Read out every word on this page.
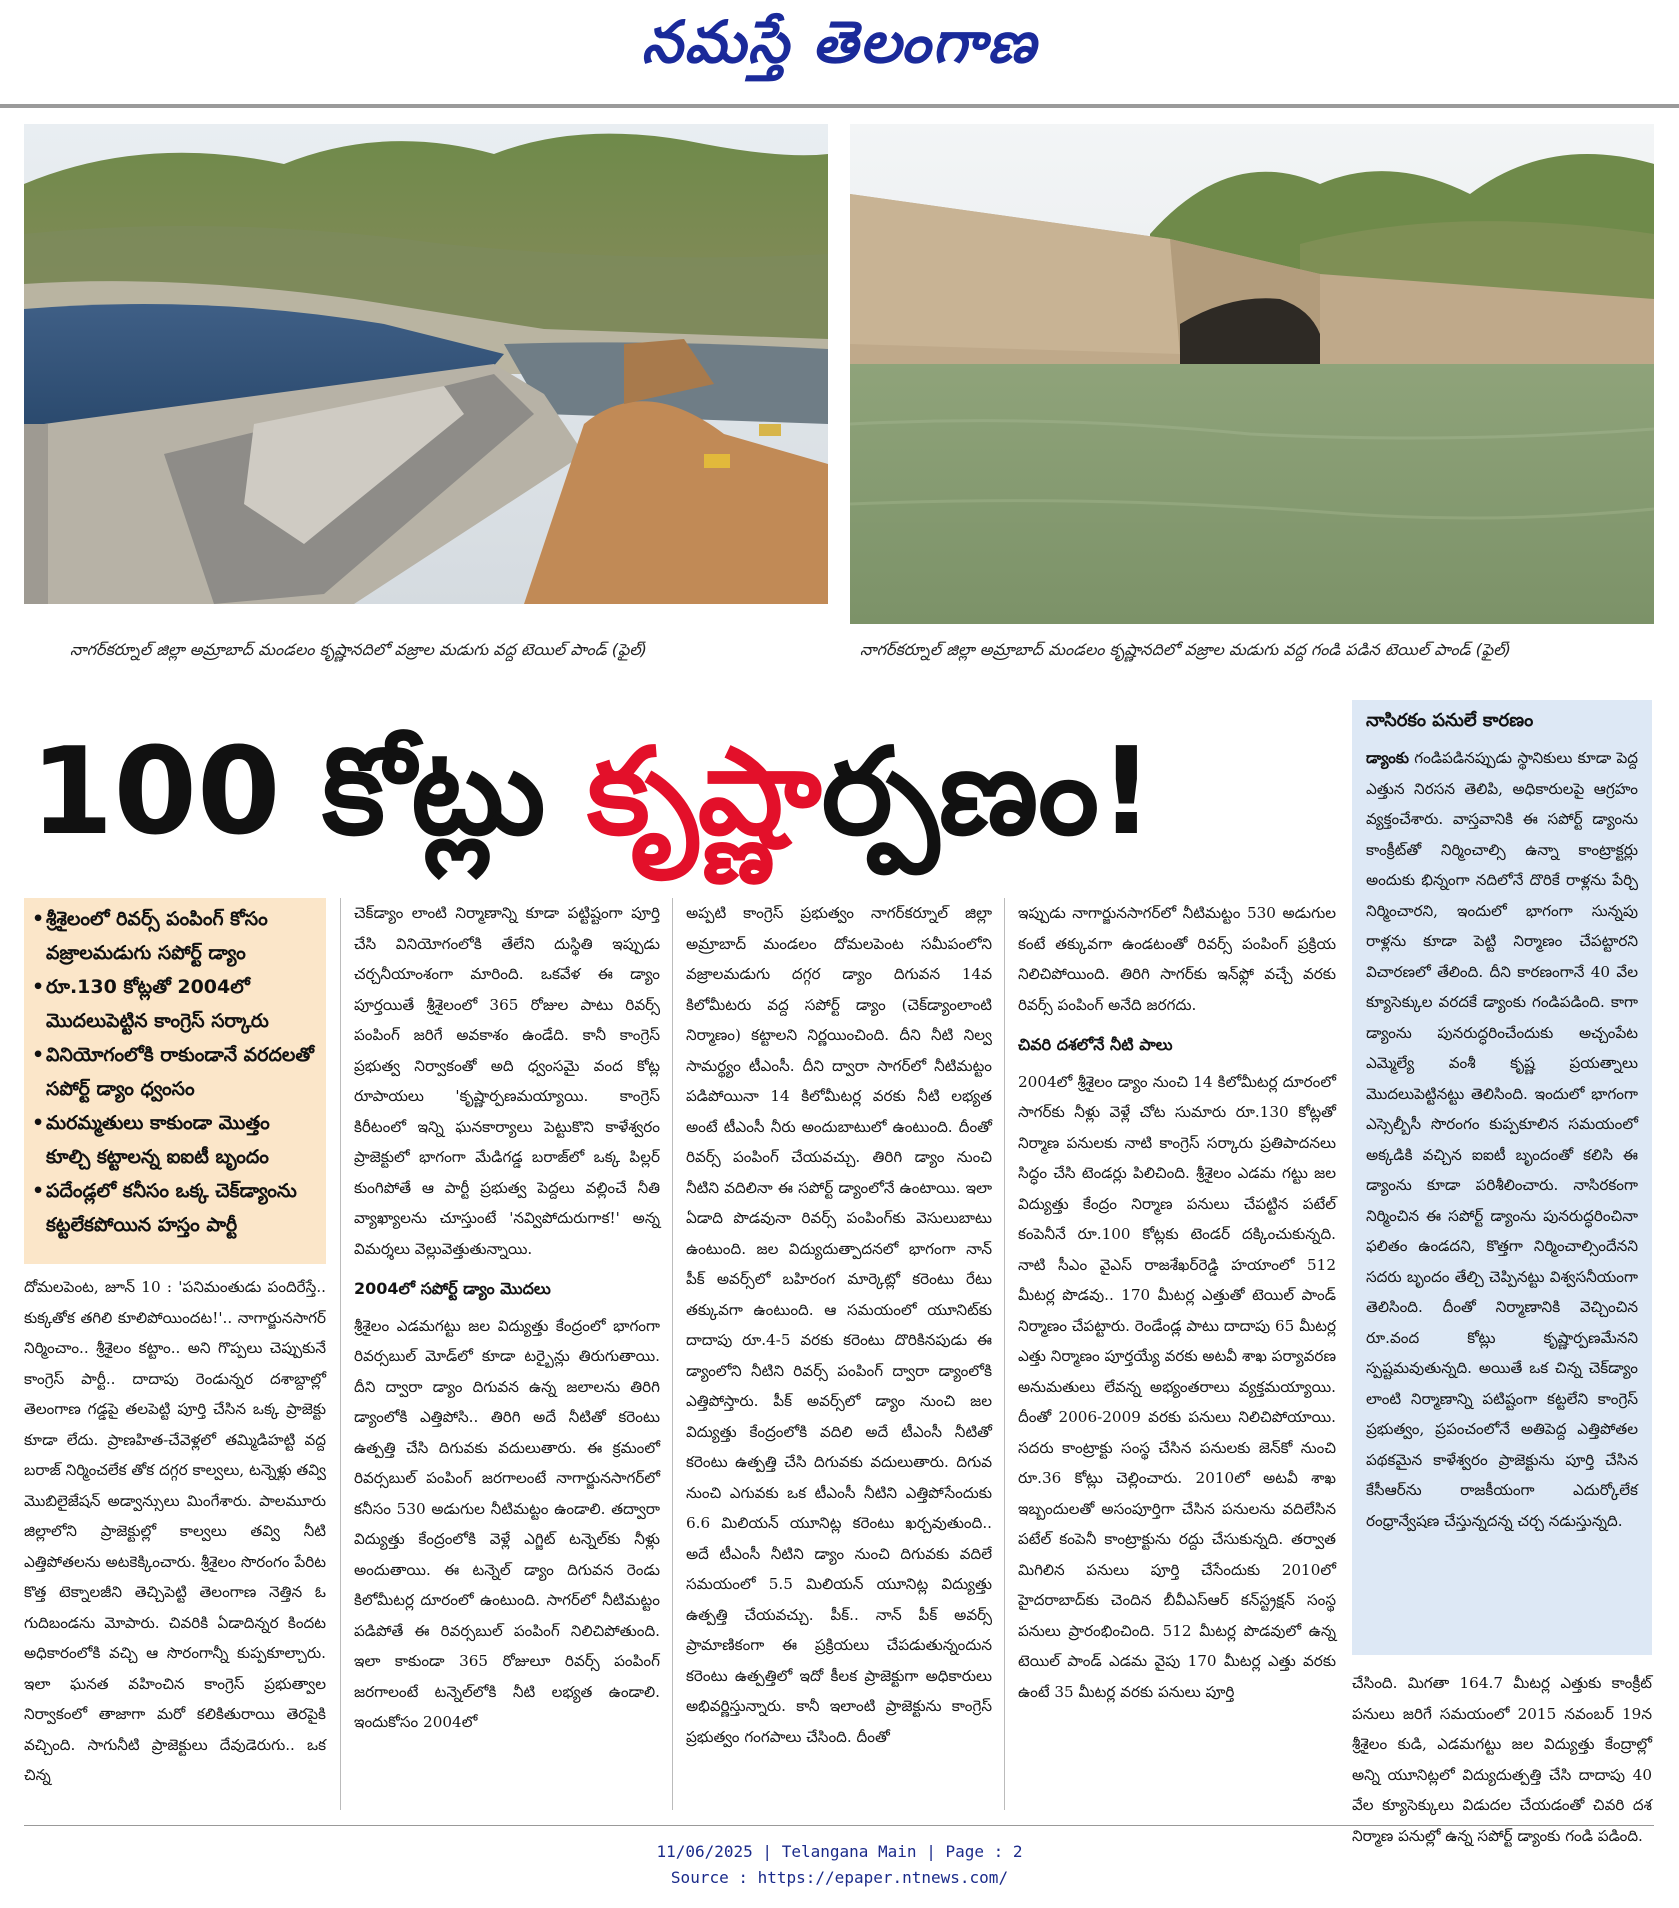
నమస్తే తెలంగాణ
నాగర్‌కర్నూల్ జిల్లా అమ్రాబాద్ మండలం కృష్ణానదిలో వజ్రాల మడుగు వద్ద టెయిల్ పాండ్ (ఫైల్)	నాగర్‌కర్నూల్ జిల్లా అమ్రాబాద్ మండలం కృష్ణానదిలో వజ్రాల మడుగు వద్ద గండి పడిన టెయిల్ పాండ్ (ఫైల్)
100 కోట్లు కృష్ణార్పణం!
• శ్రీశైలంలో రివర్స్ పంపింగ్ కోసం వజ్రాలమడుగు సపోర్ట్ డ్యాం
• రూ.130 కోట్లతో 2004లో మొదలుపెట్టిన కాంగ్రెస్ సర్కారు
• వినియోగంలోకి రాకుండానే వరదలతో సపోర్ట్ డ్యాం ధ్వంసం
• మరమ్మతులు కాకుండా మొత్తం కూల్చి కట్టాలన్న ఐఐటీ బృందం
• పదేండ్లలో కనీసం ఒక్క చెక్‌డ్యాంను కట్టలేకపోయిన హస్తం పార్టీ

దోమలపెంట, జూన్ 10 : 'పనిమంతుడు పందిరేస్తే.. కుక్కతోక తగిలి కూలిపోయిందట!'.. నాగార్జునసాగర్ నిర్మించాం.. శ్రీశైలం కట్టాం.. అని గొప్పలు చెప్పుకునే కాంగ్రెస్ పార్టీ.. దాదాపు రెండున్నర దశాబ్దాల్లో తెలంగాణ గడ్డపై తలపెట్టి పూర్తి చేసిన ఒక్క ప్రాజెక్టు కూడా లేదు. ప్రాణహిత-చేవెళ్లలో తమ్మిడిహట్టి వద్ద బరాజ్ నిర్మించలేక తోక దగ్గర కాల్వలు, టన్నెళ్లు తవ్వి మొబిలైజేషన్ అడ్వాన్సులు మింగేశారు. పాలమూరు జిల్లాలోని ప్రాజెక్టుల్లో కాల్వలు తవ్వి నీటి ఎత్తిపోతలను అటకెక్కించారు. శ్రీశైలం సొరంగం పేరిట కొత్త టెక్నాలజీని తెచ్చిపెట్టి తెలంగాణ నెత్తిన ఓ గుదిబండను మోపారు. చివరికి ఏడాదిన్నర కిందట అధికారంలోకి వచ్చి ఆ సొరంగాన్నీ కుప్పకూల్చారు. ఇలా ఘనత వహించిన కాంగ్రెస్ ప్రభుత్వాల నిర్వాకంలో తాజాగా మరో కలికితురాయి తెరపైకి వచ్చింది. సాగునీటి ప్రాజెక్టులు దేవుడెరుగు.. ఒక చిన్న

చెక్‌డ్యాం లాంటి నిర్మాణాన్ని కూడా పట్టిష్టంగా పూర్తి చేసి వినియోగంలోకి తేలేని దుస్థితి ఇప్పుడు చర్చనీయాంశంగా మారింది. ఒకవేళ ఈ డ్యాం పూర్తయితే శ్రీశైలంలో 365 రోజుల పాటు రివర్స్ పంపింగ్ జరిగే అవకాశం ఉండేది. కానీ కాంగ్రెస్ ప్రభుత్వ నిర్వాకంతో అది ధ్వంసమై వంద కోట్ల రూపాయలు 'కృష్ణార్పణమయ్యాయి. కాంగ్రెస్ కిరీటంలో ఇన్ని ఘనకార్యాలు పెట్టుకొని కాళేశ్వరం ప్రాజెక్టులో భాగంగా మేడిగడ్డ బరాజ్‌లో ఒక్క పిల్లర్ కుంగిపోతే ఆ పార్టీ ప్రభుత్వ పెద్దలు వల్లించే నీతి వ్యాఖ్యాలను చూస్తుంటే 'నవ్విపోదురుగాక!' అన్న విమర్శలు వెల్లువెత్తుతున్నాయి.

2004లో సపోర్ట్ డ్యాం మొదలు

శ్రీశైలం ఎడమగట్టు జల విద్యుత్తు కేంద్రంలో భాగంగా రివర్సబుల్ మోడ్‌లో కూడా టర్బైన్లు తిరుగుతాయి. దీని ద్వారా డ్యాం దిగువన ఉన్న జలాలను తిరిగి డ్యాంలోకి ఎత్తిపోసి.. తిరిగి అదే నీటితో కరెంటు ఉత్పత్తి చేసి దిగువకు వదులుతారు. ఈ క్రమంలో రివర్సబుల్ పంపింగ్ జరగాలంటే నాగార్జునసాగర్‌లో కనీసం 530 అడుగుల నీటిమట్టం ఉండాలి. తద్వారా విద్యుత్తు కేంద్రంలోకి వెళ్లే ఎగ్జిట్ టన్నెల్‌కు నీళ్లు అందుతాయి. ఈ టన్నెల్ డ్యాం దిగువన రెండు కిలోమీటర్ల దూరంలో ఉంటుంది. సాగర్‌లో నీటిమట్టం పడిపోతే ఈ రివర్సబుల్ పంపింగ్ నిలిచిపోతుంది. ఇలా కాకుండా 365 రోజులూ రివర్స్ పంపింగ్ జరగాలంటే టన్నెల్‌లోకి నీటి లభ్యత ఉండాలి. ఇందుకోసం 2004లో

అప్పటి కాంగ్రెస్ ప్రభుత్వం నాగర్‌కర్నూల్ జిల్లా అమ్రాబాద్ మండలం దోమలపెంట సమీపంలోని వజ్రాలమడుగు దగ్గర డ్యాం దిగువన 14వ కిలోమీటరు వద్ద సపోర్ట్ డ్యాం (చెక్‌డ్యాంలాంటి నిర్మాణం) కట్టాలని నిర్ణయించింది. దీని నీటి నిల్వ సామర్థ్యం టీఎంసీ. దీని ద్వారా సాగర్‌లో నీటిమట్టం పడిపోయినా 14 కిలోమీటర్ల వరకు నీటి లభ్యత అంటే టీఎంసీ నీరు అందుబాటులో ఉంటుంది. దీంతో రివర్స్ పంపింగ్ చేయవచ్చు. తిరిగి డ్యాం నుంచి నీటిని వదిలినా ఈ సపోర్ట్ డ్యాంలోనే ఉంటాయి. ఇలా ఏడాది పొడవునా రివర్స్ పంపింగ్‌కు వెసులుబాటు ఉంటుంది. జల విద్యుదుత్పాదనలో భాగంగా నాన్ పీక్ అవర్స్‌లో బహిరంగ మార్కెట్లో కరెంటు రేటు తక్కువగా ఉంటుంది. ఆ సమయంలో యూనిట్‌కు దాదాపు రూ.4-5 వరకు కరెంటు దొరికినపుడు ఈ డ్యాంలోని నీటిని రివర్స్ పంపింగ్ ద్వారా డ్యాంలోకి ఎత్తిపోస్తారు. పీక్ అవర్స్‌లో డ్యాం నుంచి జల విద్యుత్తు కేంద్రంలోకి వదిలి అదే టీఎంసీ నీటితో కరెంటు ఉత్పత్తి చేసి దిగువకు వదులుతారు. దిగువ నుంచి ఎగువకు ఒక టీఎంసీ నీటిని ఎత్తిపోసేందుకు 6.6 మిలియన్ యూనిట్ల కరెంటు ఖర్చవుతుంది.. అదే టీఎంసీ నీటిని డ్యాం నుంచి దిగువకు వదిలే సమయంలో 5.5 మిలియన్ యూనిట్ల విద్యుత్తు ఉత్పత్తి చేయవచ్చు. పీక్.. నాన్ పీక్ అవర్స్ ప్రామాణికంగా ఈ ప్రక్రియలు చేపడుతున్నందున కరెంటు ఉత్పత్తిలో ఇదో కీలక ప్రాజెక్టుగా అధికారులు అభివర్ణిస్తున్నారు. కానీ ఇలాంటి ప్రాజెక్టును కాంగ్రెస్ ప్రభుత్వం గంగపాలు చేసింది. దీంతో

ఇప్పుడు నాగార్జునసాగర్‌లో నీటిమట్టం 530 అడుగుల కంటే తక్కువగా ఉండటంతో రివర్స్ పంపింగ్ ప్రక్రియ నిలిచిపోయింది. తిరిగి సాగర్‌కు ఇన్‌ఫ్లో వచ్చే వరకు రివర్స్ పంపింగ్ అనేది జరగదు.

చివరి దశలోనే నీటి పాలు

2004లో శ్రీశైలం డ్యాం నుంచి 14 కిలోమీటర్ల దూరంలో సాగర్‌కు నీళ్లు వెళ్లే చోట సుమారు రూ.130 కోట్లతో నిర్మాణ పనులకు నాటి కాంగ్రెస్ సర్కారు ప్రతిపాదనలు సిద్ధం చేసి టెండర్లు పిలిచింది. శ్రీశైలం ఎడమ గట్టు జల విద్యుత్తు కేంద్రం నిర్మాణ పనులు చేపట్టిన పటేల్ కంపెనీనే రూ.100 కోట్లకు టెండర్ దక్కించుకున్నది. నాటి సీఎం వైఎస్ రాజశేఖర్‌రెడ్డి హయాంలో 512 మీటర్ల పొడవు.. 170 మీటర్ల ఎత్తుతో టెయిల్ పాండ్ నిర్మాణం చేపట్టారు. రెండేండ్ల పాటు దాదాపు 65 మీటర్ల ఎత్తు నిర్మాణం పూర్తయ్యే వరకు అటవీ శాఖ పర్యావరణ అనుమతులు లేవన్న అభ్యంతరాలు వ్యక్తమయ్యాయి. దీంతో 2006-2009 వరకు పనులు నిలిచిపోయాయి. సదరు కాంట్రాక్టు సంస్థ చేసిన పనులకు జెన్‌కో నుంచి రూ.36 కోట్లు చెల్లించారు. 2010లో అటవీ శాఖ ఇబ్బందులతో అసంపూర్తిగా చేసిన పనులను వదిలేసిన పటేల్ కంపెనీ కాంట్రాక్టును రద్దు చేసుకున్నది. తర్వాత మిగిలిన పనులు పూర్తి చేసేందుకు 2010లో హైదరాబాద్‌కు చెందిన బీవీఎస్‌ఆర్ కన్‌స్ట్రక్షన్ సంస్థ పనులు ప్రారంభించింది. 512 మీటర్ల పొడవులో ఉన్న టెయిల్ పాండ్ ఎడమ వైపు 170 మీటర్ల ఎత్తు వరకు ఉంటే 35 మీటర్ల వరకు పనులు పూర్తి

నాసిరకం పనులే కారణం
డ్యాంకు గండిపడినప్పుడు స్థానికులు కూడా పెద్ద ఎత్తున నిరసన తెలిపి, అధికారులపై ఆగ్రహం వ్యక్తంచేశారు. వాస్తవానికి ఈ సపోర్ట్ డ్యాంను కాంక్రీట్‌తో నిర్మించాల్సి ఉన్నా కాంట్రాక్టర్లు అందుకు భిన్నంగా నదిలోనే దొరికే రాళ్లను పేర్చి నిర్మించారని, ఇందులో భాగంగా సున్నపు రాళ్లను కూడా పెట్టి నిర్మాణం చేపట్టారని విచారణలో తేలింది. దీని కారణంగానే 40 వేల క్యూసెక్కుల వరదకే డ్యాంకు గండిపడింది. కాగా డ్యాంను పునరుద్ధరించేందుకు అచ్చంపేట ఎమ్మెల్యే వంశీ కృష్ణ ప్రయత్నాలు మొదలుపెట్టినట్టు తెలిసింది. ఇందులో భాగంగా ఎస్సెల్బీసీ సొరంగం కుప్పకూలిన సమయంలో అక్కడికి వచ్చిన ఐఐటీ బృందంతో కలిసి ఈ డ్యాంను కూడా పరిశీలించారు. నాసిరకంగా నిర్మించిన ఈ సపోర్ట్ డ్యాంను పునరుద్ధరించినా ఫలితం ఉండదని, కొత్తగా నిర్మించాల్సిందేనని సదరు బృందం తేల్చి చెప్పినట్టు విశ్వసనీయంగా తెలిసింది. దీంతో నిర్మాణానికి వెచ్చించిన రూ.వంద కోట్లు కృష్ణార్పణమేనని స్పష్టమవుతున్నది. అయితే ఒక చిన్న చెక్‌డ్యాం లాంటి నిర్మాణాన్ని పటిష్టంగా కట్టలేని కాంగ్రెస్ ప్రభుత్వం, ప్రపంచంలోనే అతిపెద్ద ఎత్తిపోతల పథకమైన కాళేశ్వరం ప్రాజెక్టును పూర్తి చేసిన కేసీఆర్‌ను రాజకీయంగా ఎదుర్కోలేక రంధ్రాన్వేషణ చేస్తున్నదన్న చర్చ నడుస్తున్నది.

చేసింది. మిగతా 164.7 మీటర్ల ఎత్తుకు కాంక్రీట్ పనులు జరిగే సమయంలో 2015 నవంబర్ 19న శ్రీశైలం కుడి, ఎడమగట్టు జల విద్యుత్తు కేంద్రాల్లో అన్ని యూనిట్లలో విద్యుదుత్పత్తి చేసి దాదాపు 40 వేల క్యూసెక్కులు విడుదల చేయడంతో చివరి దశ నిర్మాణ పనుల్లో ఉన్న సపోర్ట్ డ్యాంకు గండి పడింది.

11/06/2025 | Telangana Main | Page : 2
Source : https://epaper.ntnews.com/
